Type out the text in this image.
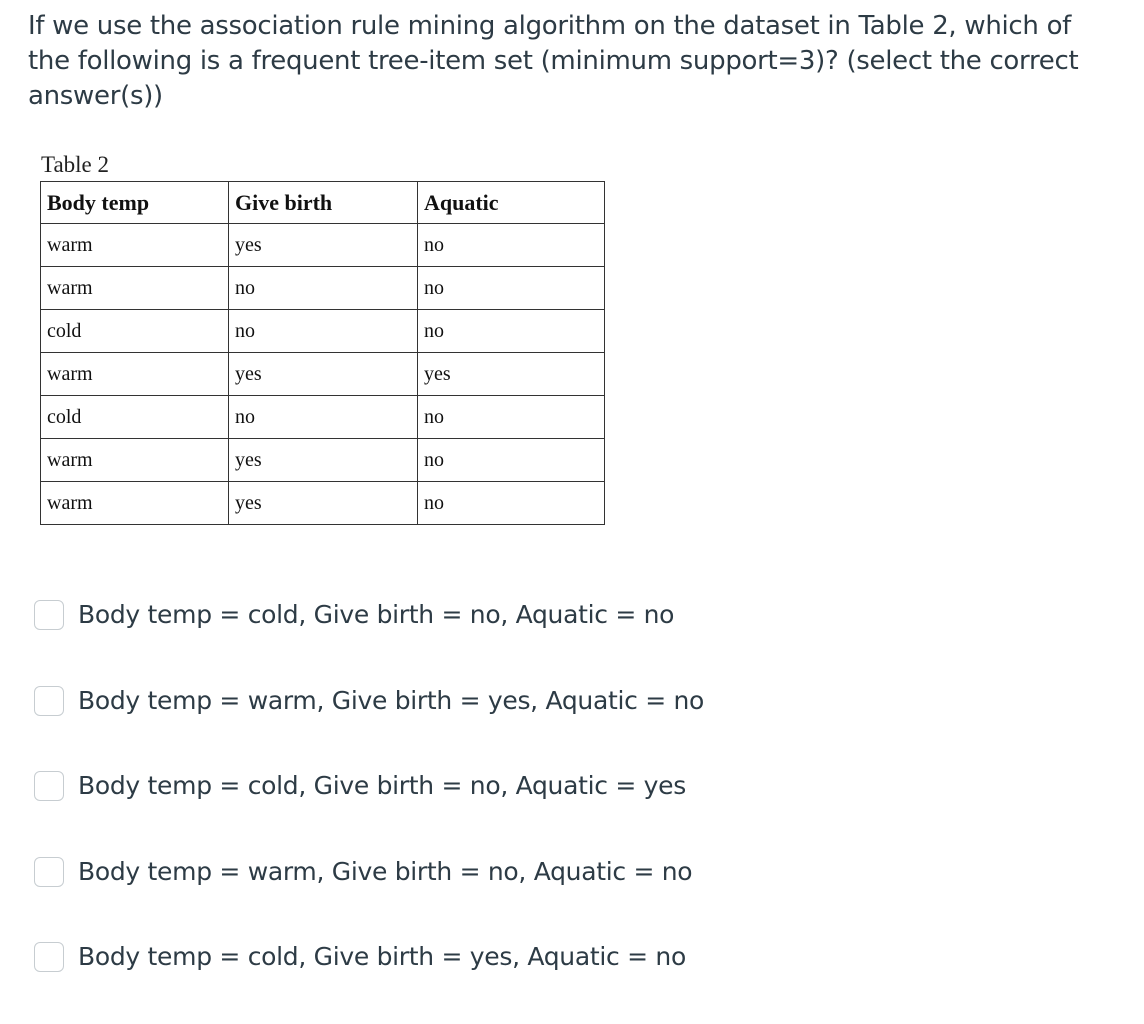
If we use the association rule mining algorithm on the dataset in Table 2, which of the following is a frequent tree-item set (minimum support=3)? (select the correct answer(s))

Table 2
Body temp	Give birth	Aquatic
warm	yes	no
warm	no	no
cold	no	no
warm	yes	yes
cold	no	no
warm	yes	no
warm	yes	no
Body temp = cold, Give birth = no, Aquatic = no
Body temp = warm, Give birth = yes, Aquatic = no
Body temp = cold, Give birth = no, Aquatic = yes
Body temp = warm, Give birth = no, Aquatic = no
Body temp = cold, Give birth = yes, Aquatic = no
